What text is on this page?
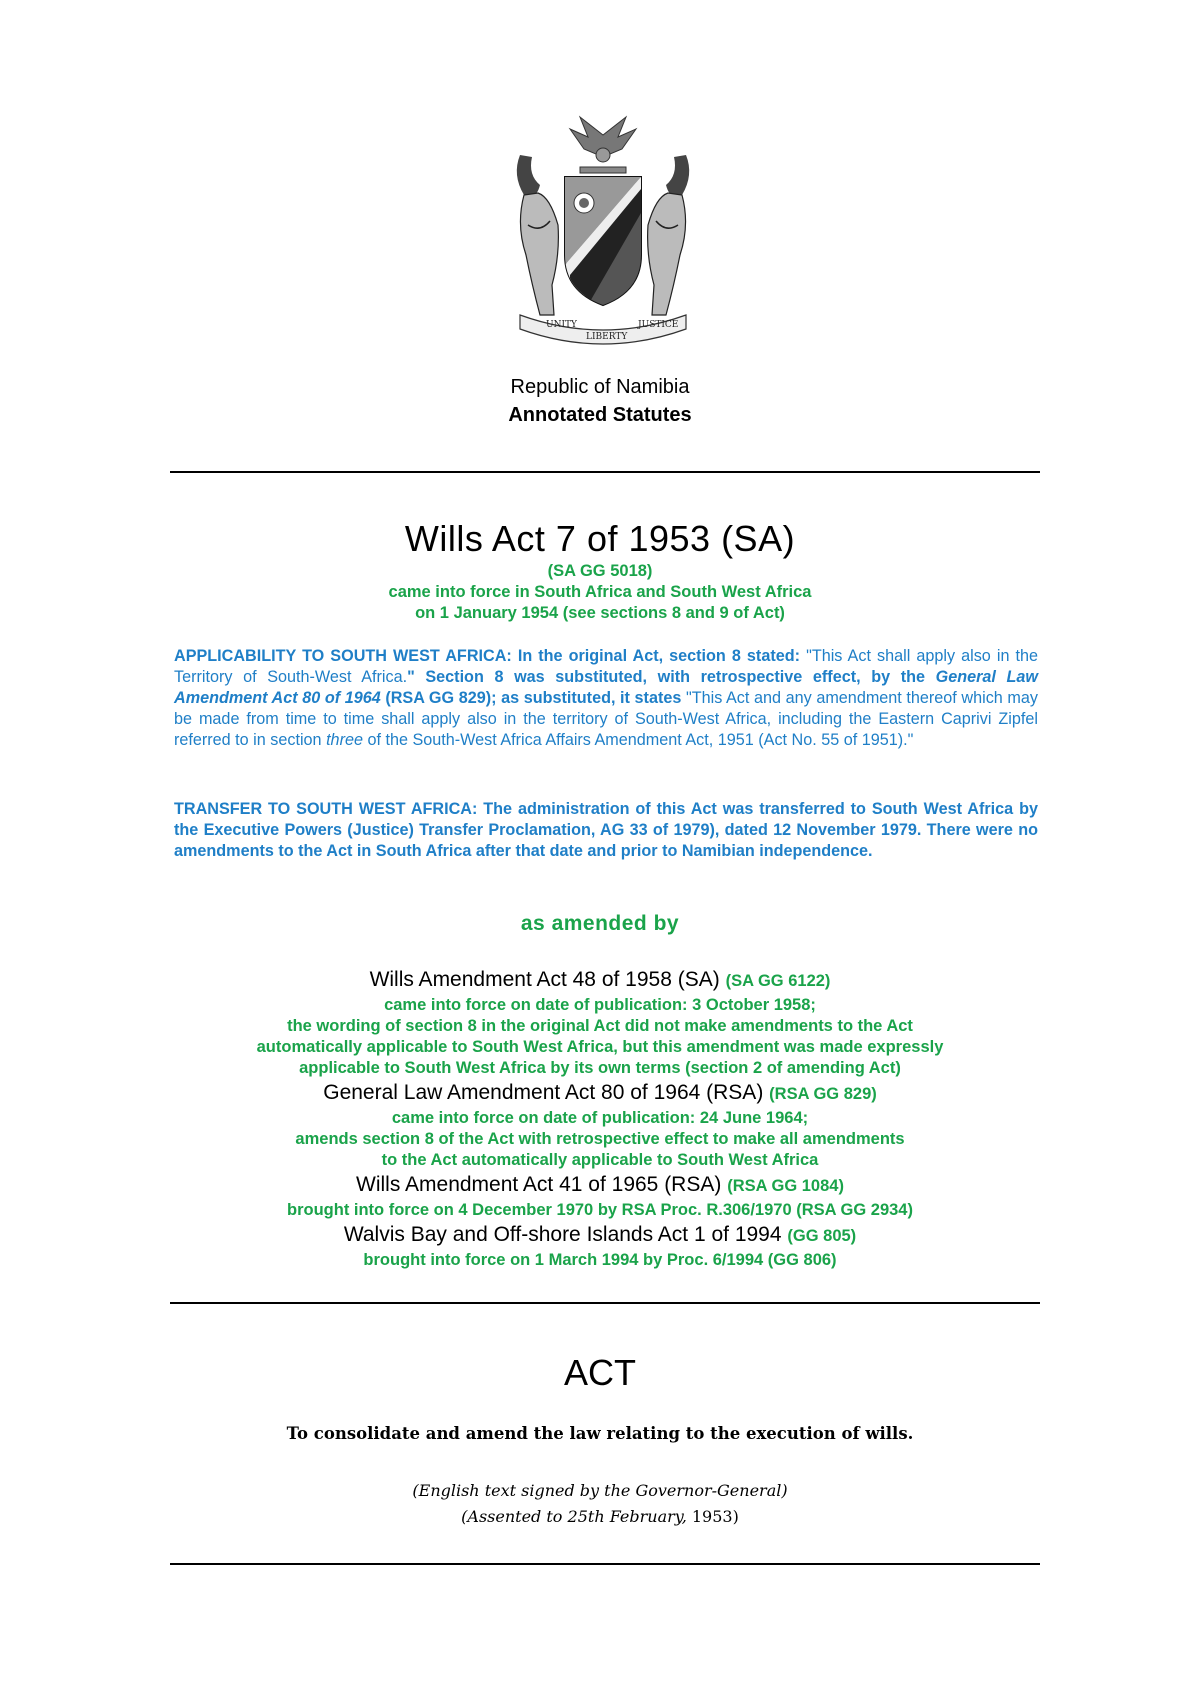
UNITY
LIBERTY
JUSTICE
Republic of Namibia
Annotated Statutes
Wills Act 7 of 1953 (SA)
(SA GG 5018)
came into force in South Africa and South West Africa
on 1 January 1954 (see sections 8 and 9 of Act)
APPLICABILITY TO SOUTH WEST AFRICA: In the original Act, section 8 stated: "This Act shall apply also in the Territory of South-West Africa." Section 8 was substituted, with retrospective effect, by the General Law Amendment Act 80 of 1964 (RSA GG 829); as substituted, it states "This Act and any amendment thereof which may be made from time to time shall apply also in the territory of South-West Africa, including the Eastern Caprivi Zipfel referred to in section three of the South-West Africa Affairs Amendment Act, 1951 (Act No. 55 of 1951)."
TRANSFER TO SOUTH WEST AFRICA: The administration of this Act was transferred to South West Africa by the Executive Powers (Justice) Transfer Proclamation, AG 33 of 1979), dated 12 November 1979. There were no amendments to the Act in South Africa after that date and prior to Namibian independence.
as amended by
Wills Amendment Act 48 of 1958 (SA) (SA GG 6122)
came into force on date of publication: 3 October 1958;
the wording of section 8 in the original Act did not make amendments to the Act
automatically applicable to South West Africa, but this amendment was made expressly
applicable to South West Africa by its own terms (section 2 of amending Act)
General Law Amendment Act 80 of 1964 (RSA) (RSA GG 829)
came into force on date of publication: 24 June 1964;
amends section 8 of the Act with retrospective effect to make all amendments
to the Act automatically applicable to South West Africa
Wills Amendment Act 41 of 1965 (RSA) (RSA GG 1084)
brought into force on 4 December 1970 by RSA Proc. R.306/1970 (RSA GG 2934)
Walvis Bay and Off-shore Islands Act 1 of 1994 (GG 805)
brought into force on 1 March 1994 by Proc. 6/1994 (GG 806)
ACT
To consolidate and amend the law relating to the execution of wills.
(English text signed by the Governor-General)
(Assented to 25th February, 1953)
